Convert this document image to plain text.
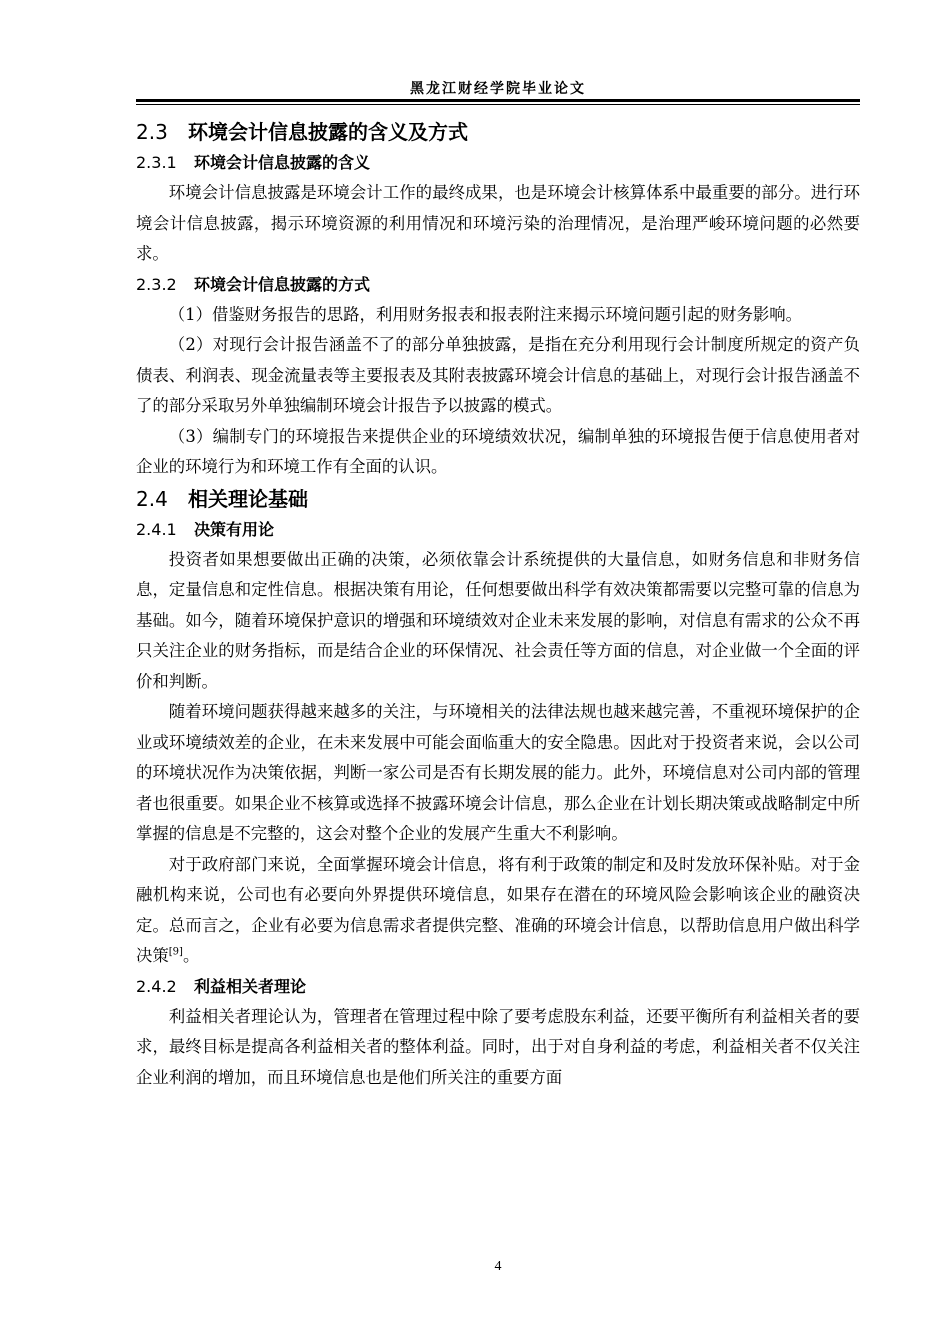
黑龙江财经学院毕业论文
2.3 环境会计信息披露的含义及方式
2.3.1 环境会计信息披露的含义

环境会计信息披露是环境会计工作的最终成果，也是环境会计核算体系中最重要的部分。进行环境会计信息披露，揭示环境资源的利用情况和环境污染的治理情况，是治理严峻环境问题的必然要求。

2.3.2 环境会计信息披露的方式

（1）借鉴财务报告的思路，利用财务报表和报表附注来揭示环境问题引起的财务影响。

（2）对现行会计报告涵盖不了的部分单独披露，是指在充分利用现行会计制度所规定的资产负债表、利润表、现金流量表等主要报表及其附表披露环境会计信息的基础上，对现行会计报告涵盖不了的部分采取另外单独编制环境会计报告予以披露的模式。

（3）编制专门的环境报告来提供企业的环境绩效状况，编制单独的环境报告便于信息使用者对企业的环境行为和环境工作有全面的认识。

2.4 相关理论基础
2.4.1 决策有用论

投资者如果想要做出正确的决策，必须依靠会计系统提供的大量信息，如财务信息和非财务信息，定量信息和定性信息。根据决策有用论，任何想要做出科学有效决策都需要以完整可靠的信息为基础。如今，随着环境保护意识的增强和环境绩效对企业未来发展的影响，对信息有需求的公众不再只关注企业的财务指标，而是结合企业的环保情况、社会责任等方面的信息，对企业做一个全面的评价和判断。

随着环境问题获得越来越多的关注，与环境相关的法律法规也越来越完善，不重视环境保护的企业或环境绩效差的企业，在未来发展中可能会面临重大的安全隐患。因此对于投资者来说，会以公司的环境状况作为决策依据，判断一家公司是否有长期发展的能力。此外，环境信息对公司内部的管理者也很重要。如果企业不核算或选择不披露环境会计信息，那么企业在计划长期决策或战略制定中所掌握的信息是不完整的，这会对整个企业的发展产生重大不利影响。

对于政府部门来说，全面掌握环境会计信息，将有利于政策的制定和及时发放环保补贴。对于金融机构来说，公司也有必要向外界提供环境信息，如果存在潜在的环境风险会影响该企业的融资决定。总而言之，企业有必要为信息需求者提供完整、准确的环境会计信息，以帮助信息用户做出科学决策[9]。

2.4.2 利益相关者理论

利益相关者理论认为，管理者在管理过程中除了要考虑股东利益，还要平衡所有利益相关者的要求，最终目标是提高各利益相关者的整体利益。同时，出于对自身利益的考虑，利益相关者不仅关注企业利润的增加，而且环境信息也是他们所关注的重要方面

4
